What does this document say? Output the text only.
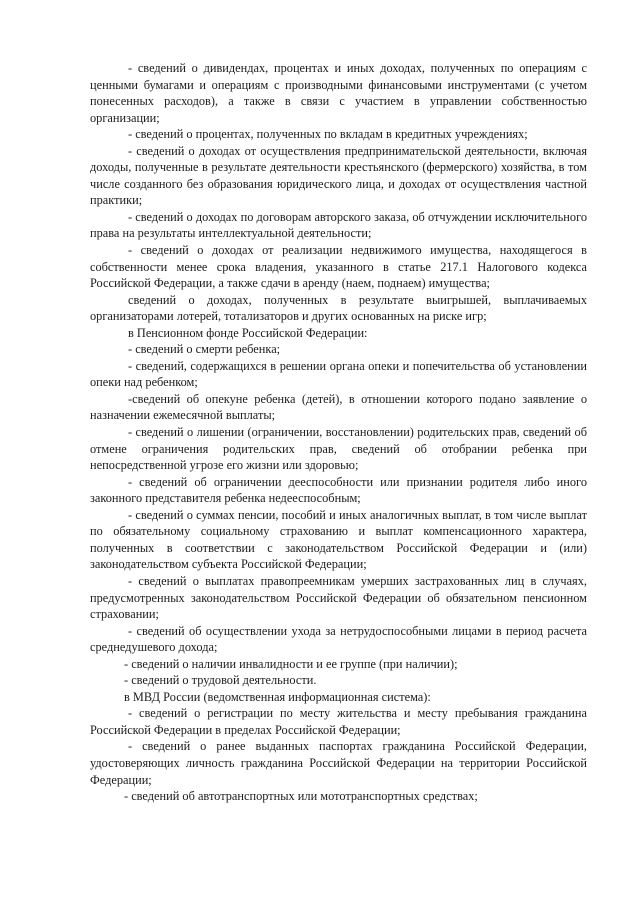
- сведений о дивидендах, процентах и иных доходах, полученных по операциям с ценными бумагами и операциям с производными финансовыми инструментами (с учетом понесенных расходов), а также в связи с участием в управлении собственностью организации;

- сведений о процентах, полученных по вкладам в кредитных учреждениях;

- сведений о доходах от осуществления предпринимательской деятельности, включая доходы, полученные в результате деятельности крестьянского (фермерского) хозяйства, в том числе созданного без образования юридического лица, и доходах от осуществления частной практики;

- сведений о доходах по договорам авторского заказа, об отчуждении исключительного права на результаты интеллектуальной деятельности;

- сведений о доходах от реализации недвижимого имущества, находящегося в собственности менее срока владения, указанного в статье 217.1 Налогового кодекса Российской Федерации, а также сдачи в аренду (наем, поднаем) имущества;

сведений о доходах, полученных в результате выигрышей, выплачиваемых организаторами лотерей, тотализаторов и других основанных на риске игр;

в Пенсионном фонде Российской Федерации:

- сведений о смерти ребенка;

- сведений, содержащихся в решении органа опеки и попечительства об установлении опеки над ребенком;

-сведений об опекуне ребенка (детей), в отношении которого подано заявление о назначении ежемесячной выплаты;

- сведений о лишении (ограничении, восстановлении) родительских прав, сведений об отмене ограничения родительских прав, сведений об отобрании ребенка при непосредственной угрозе его жизни или здоровью;

- сведений об ограничении дееспособности или признании родителя либо иного законного представителя ребенка недееспособным;

- сведений о суммах пенсии, пособий и иных аналогичных выплат, в том числе выплат по обязательному социальному страхованию и выплат компенсационного характера, полученных в соответствии с законодательством Российской Федерации и (или) законодательством субъекта Российской Федерации;

- сведений о выплатах правопреемникам умерших застрахованных лиц в случаях, предусмотренных законодательством Российской Федерации об обязательном пенсионном страховании;

- сведений об осуществлении ухода за нетрудоспособными лицами в период расчета среднедушевого дохода;

- сведений о наличии инвалидности и ее группе (при наличии);

- сведений о трудовой деятельности.

в МВД России (ведомственная информационная система):

- сведений о регистрации по месту жительства и месту пребывания гражданина Российской Федерации в пределах Российской Федерации;

- сведений о ранее выданных паспортах гражданина Российской Федерации, удостоверяющих личность гражданина Российской Федерации на территории Российской Федерации;

- сведений об автотранспортных или мототранспортных средствах;
